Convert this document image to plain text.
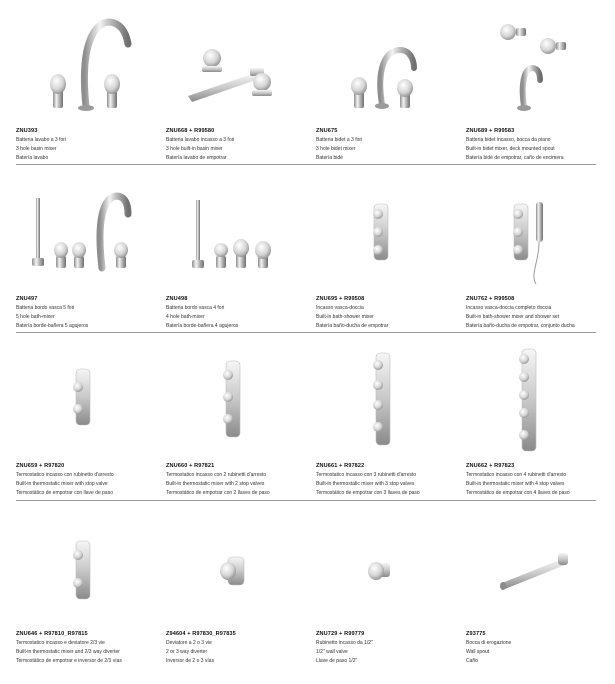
ZNU393
Batteria lavabo a 3 fori
3 hole basin mixer
Batería lavabo
ZNU668 + R99580
Batteria lavabo incasso a 3 fori
3 hole built-in basin mixer
Batería lavabo de empotrar
ZNU675
Batteria bidet a 3 fori
3 hole bidet mixer
Batería bidé
ZNU689 + R99583
Batteria bidet incasso, bocca da piano
Built-in bidet mixer, deck mounted spout
Batería bidé de empotrar, caño de encimera
ZNU497
Batteria bordo vasca 5 fori
5 hole bath-mixer
Batería borde-bañera 5 agujeros
ZNU498
Batteria bordo vasca 4 fori
4 hole bath-mixer
Batería borde-bañera 4 agujeros
ZNU695 + R99508
Incasso vasca-doccia
Built-in bath-shower mixer
Batería baño-ducha de empotrar
ZNU762 + R99508
Incasso vasca-doccia completo doccia
Built-in bath-shower mixer and shower set
Batería baño-ducha de empotrar, conjunto ducha
ZNU659 + R97820
Termostatico incasso con rubinetto d'arresto
Built-in thermostatic mixer with stop valve
Termostático de empotrar con llave de paso
ZNU660 + R97821
Termostatico incasso con 2 rubinetti d'arresto
Built-in thermostatic mixer with 2 stop valves
Termostático de empotrar con 2 llaves de paso
ZNU661 + R97822
Termostatico incasso con 3 rubinetti d'arresto
Built-in thermostatic mixer with 3 stop valves
Termostático de empotrar con 3 llaves de paso
ZNU662 + R97823
Termostatico incasso con 4 rubinetti d'arresto
Built-in thermostatic mixer with 4 stop valves
Termostático de empotrar con 4 llaves de paso
ZNU646 + R97810_R97815
Termostatico incasso e deviatore 2/3 vie
Built-in thermostatic mixer and 2/3 way diverter
Termostático de empotrar e inversor de 2/3 vías
Z94604 + R97830_R97835
Deviatore a 2 o 3 vie
2 or 3 way diverter
Inversor de 2 o 3 vías
ZNU729 + R99779
Rubinetto incasso da 1/2"
1/2" wall valve
Llave de paso 1/2"
Z93775
Bocca di erogazione
Wall spout
Caño
